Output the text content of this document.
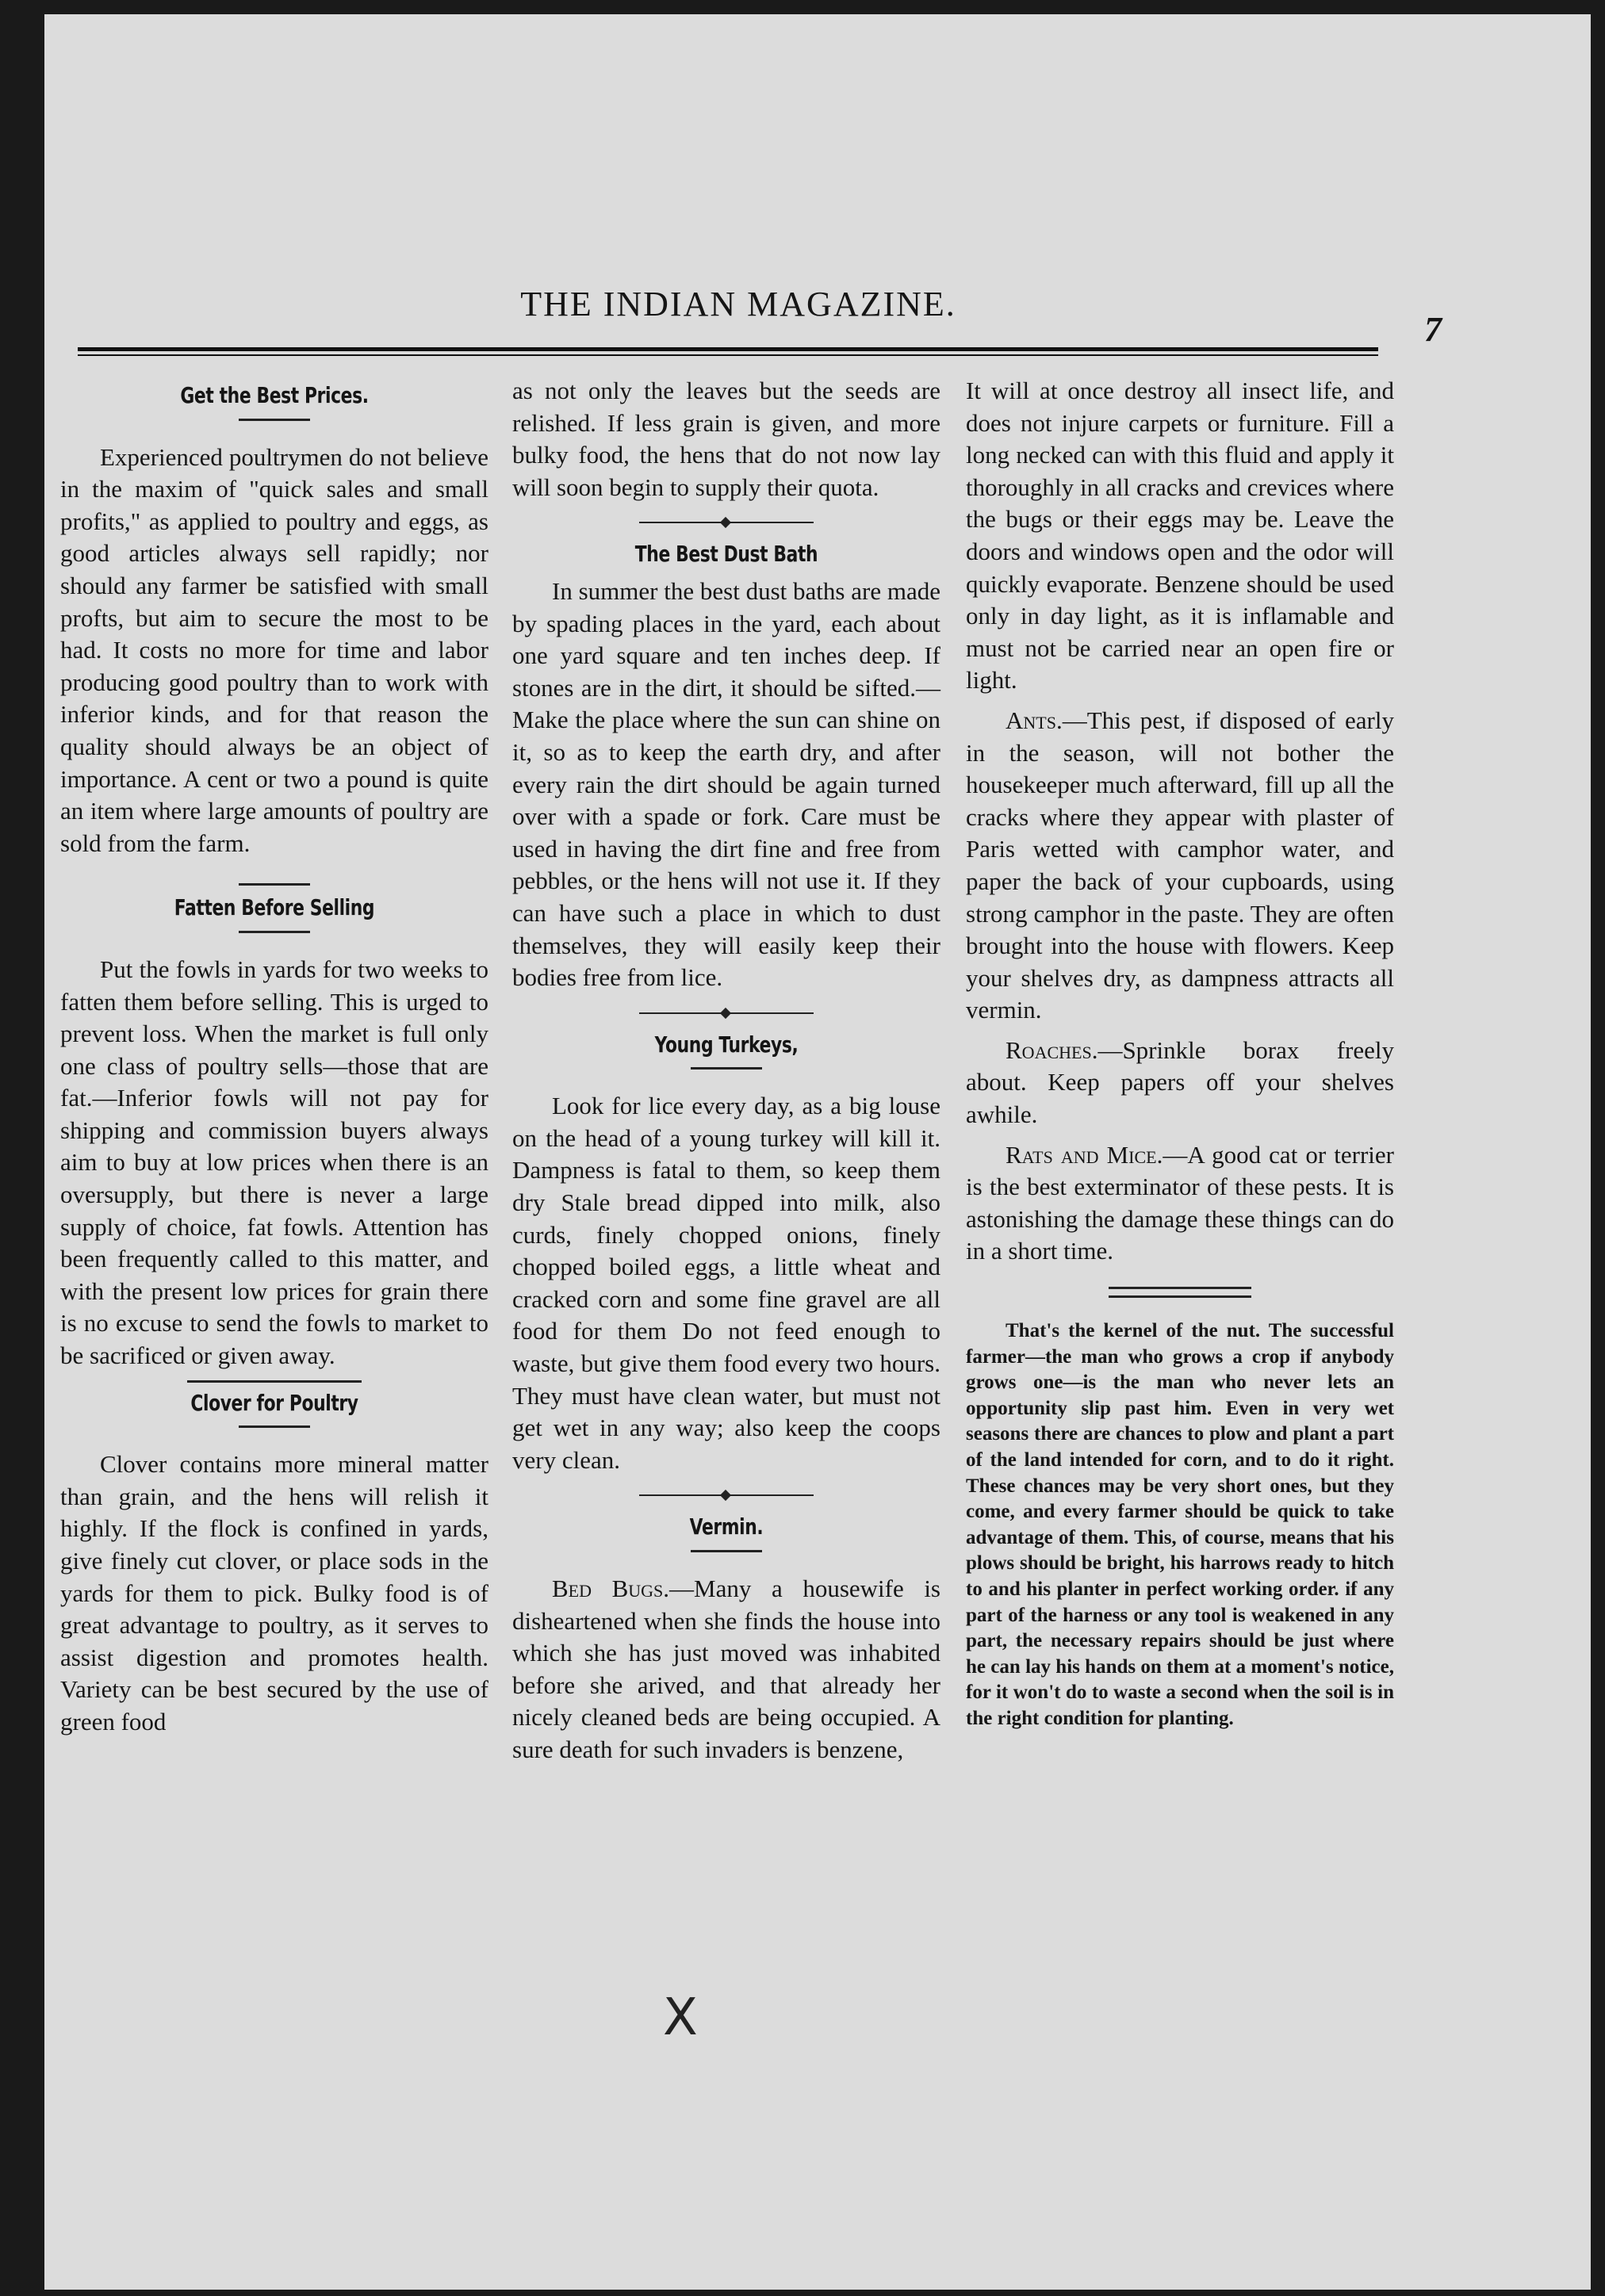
THE INDIAN MAGAZINE.
7
Get the Best Prices.

Experienced poultrymen do not believe in the maxim of "quick sales and small profits," as applied to poultry and eggs, as good articles always sell rapidly; nor should any farmer be satisfied with small profts, but aim to secure the most to be had. It costs no more for time and labor producing good poultry than to work with inferior kinds, and for that reason the quality should always be an object of importance. A cent or two a pound is quite an item where large amounts of poultry are sold from the farm.

Fatten Before Selling

Put the fowls in yards for two weeks to fatten them before selling. This is urged to prevent loss. When the market is full only one class of poultry sells—those that are fat.—Inferior fowls will not pay for shipping and commission buyers always aim to buy at low prices when there is an oversupply, but there is never a large supply of choice, fat fowls. Attention has been frequently called to this matter, and with the present low prices for grain there is no excuse to send the fowls to market to be sacrificed or given away.

Clover for Poultry

Clover contains more mineral matter than grain, and the hens will relish it highly. If the flock is confined in yards, give finely cut clover, or place sods in the yards for them to pick. Bulky food is of great advantage to poultry, as it serves to assist digestion and promotes health. Variety can be best secured by the use of green food

as not only the leaves but the seeds are relished. If less grain is given, and more bulky food, the hens that do not now lay will soon begin to supply their quota.

The Best Dust Bath

In summer the best dust baths are made by spading places in the yard, each about one yard square and ten inches deep. If stones are in the dirt, it should be sifted.—Make the place where the sun can shine on it, so as to keep the earth dry, and after every rain the dirt should be again turned over with a spade or fork. Care must be used in having the dirt fine and free from pebbles, or the hens will not use it. If they can have such a place in which to dust themselves, they will easily keep their bodies free from lice.

Young Turkeys,

Look for lice every day, as a big louse on the head of a young turkey will kill it. Dampness is fatal to them, so keep them dry Stale bread dipped into milk, also curds, finely chopped onions, finely chopped boiled eggs, a little wheat and cracked corn and some fine gravel are all food for them Do not feed enough to waste, but give them food every two hours. They must have clean water, but must not get wet in any way; also keep the coops very clean.

Vermin.

Bed Bugs.—Many a housewife is disheartened when she finds the house into which she has just moved was inhabited before she arived, and that already her nicely cleaned beds are being occupied. A sure death for such invaders is benzene,

It will at once destroy all insect life, and does not injure carpets or furniture. Fill a long necked can with this fluid and apply it thoroughly in all cracks and crevices where the bugs or their eggs may be. Leave the doors and windows open and the odor will quickly evaporate. Benzene should be used only in day light, as it is inflamable and must not be carried near an open fire or light.

Ants.—This pest, if disposed of early in the season, will not bother the housekeeper much afterward, fill up all the cracks where they appear with plaster of Paris wetted with camphor water, and paper the back of your cupboards, using strong camphor in the paste. They are often brought into the house with flowers. Keep your shelves dry, as dampness attracts all vermin.

Roaches.—Sprinkle borax freely about. Keep papers off your shelves awhile.

Rats and Mice.—A good cat or terrier is the best exterminator of these pests. It is astonishing the damage these things can do in a short time.

That's the kernel of the nut. The successful farmer—the man who grows a crop if anybody grows one—is the man who never lets an opportunity slip past him. Even in very wet seasons there are chances to plow and plant a part of the land intended for corn, and to do it right. These chances may be very short ones, but they come, and every farmer should be quick to take advantage of them. This, of course, means that his plows should be bright, his harrows ready to hitch to and his planter in perfect working order. if any part of the harness or any tool is weakened in any part, the necessary repairs should be just where he can lay his hands on them at a moment's notice, for it won't do to waste a second when the soil is in the right condition for planting.

X
